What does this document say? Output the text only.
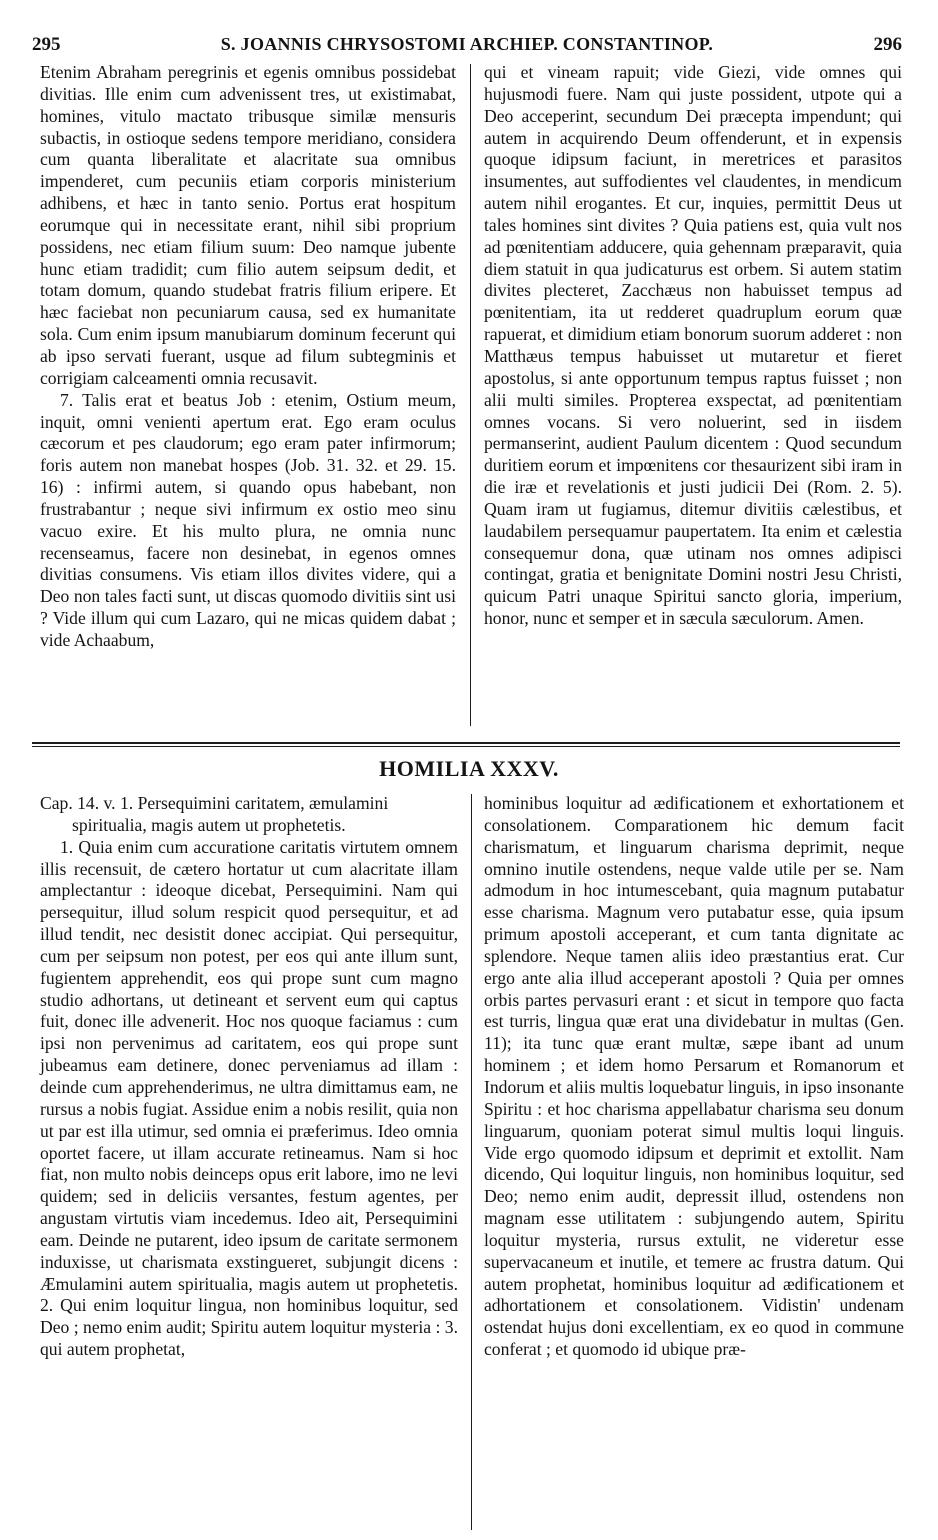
295	S. JOANNIS CHRYSOSTOMI ARCHIEP. CONSTANTINOP.	296

Etenim Abraham peregrinis et egenis omnibus possidebat divitias. Ille enim cum advenissent tres, ut existimabat, homines, vitulo mactato tribusque similæ mensuris subactis, in ostioque sedens tempore meridiano, considera cum quanta liberalitate et alacritate sua omnibus impenderet, cum pecuniis etiam corporis ministerium adhibens, et hæc in tanto senio. Portus erat hospitum eorumque qui in necessitate erant, nihil sibi proprium possidens, nec etiam filium suum: Deo namque jubente hunc etiam tradidit; cum filio autem seipsum dedit, et totam domum, quando studebat fratris filium eripere. Et hæc faciebat non pecuniarum causa, sed ex humanitate sola. Cum enim ipsum manubiarum dominum fecerunt qui ab ipso servati fuerant, usque ad filum subtegminis et corrigiam calceamenti omnia recusavit.

7. Talis erat et beatus Job : etenim, Ostium meum, inquit, omni venienti apertum erat. Ego eram oculus cæcorum et pes claudorum; ego eram pater infirmorum; foris autem non manebat hospes (Job. 31. 32. et 29. 15. 16) : infirmi autem, si quando opus habebant, non frustrabantur ; neque sivi infirmum ex ostio meo sinu vacuo exire. Et his multo plura, ne omnia nunc recenseamus, facere non desinebat, in egenos omnes divitias consumens. Vis etiam illos divites videre, qui a Deo non tales facti sunt, ut discas quomodo divitiis sint usi ? Vide illum qui cum Lazaro, qui ne micas quidem dabat ; vide Achaabum,

qui et vineam rapuit; vide Giezi, vide omnes qui hujusmodi fuere. Nam qui juste possident, utpote qui a Deo acceperint, secundum Dei præcepta impendunt; qui autem in acquirendo Deum offenderunt, et in expensis quoque idipsum faciunt, in meretrices et parasitos insumentes, aut suffodientes vel claudentes, in mendicum autem nihil erogantes. Et cur, inquies, permittit Deus ut tales homines sint divites ? Quia patiens est, quia vult nos ad pœnitentiam adducere, quia gehennam præparavit, quia diem statuit in qua judicaturus est orbem. Si autem statim divites plecteret, Zacchæus non habuisset tempus ad pœnitentiam, ita ut redderet quadruplum eorum quæ rapuerat, et dimidium etiam bonorum suorum adderet : non Matthæus tempus habuisset ut mutaretur et fieret apostolus, si ante opportunum tempus raptus fuisset ; non alii multi similes. Propterea exspectat, ad pœnitentiam omnes vocans. Si vero noluerint, sed in iisdem permanserint, audient Paulum dicentem : Quod secundum duritiem eorum et impœnitens cor thesaurizent sibi iram in die iræ et revelationis et justi judicii Dei (Rom. 2. 5). Quam iram ut fugiamus, ditemur divitiis cælestibus, et laudabilem persequamur paupertatem. Ita enim et cælestia consequemur dona, quæ utinam nos omnes adipisci contingat, gratia et benignitate Domini nostri Jesu Christi, quicum Patri unaque Spiritui sancto gloria, imperium, honor, nunc et semper et in sæcula sæculorum. Amen.

HOMILIA XXXV.

Cap. 14. v. 1. Persequimini caritatem, æmulamini spiritualia, magis autem ut prophetetis.

1. Quia enim cum accuratione caritatis virtutem omnem illis recensuit, de cætero hortatur ut cum alacritate illam amplectantur : ideoque dicebat, Persequimini. Nam qui persequitur, illud solum respicit quod persequitur, et ad illud tendit, nec desistit donec accipiat. Qui persequitur, cum per seipsum non potest, per eos qui ante illum sunt, fugientem apprehendit, eos qui prope sunt cum magno studio adhortans, ut detineant et servent eum qui captus fuit, donec ille advenerit. Hoc nos quoque faciamus : cum ipsi non pervenimus ad caritatem, eos qui prope sunt jubeamus eam detinere, donec perveniamus ad illam : deinde cum apprehenderimus, ne ultra dimittamus eam, ne rursus a nobis fugiat. Assidue enim a nobis resilit, quia non ut par est illa utimur, sed omnia ei præferimus. Ideo omnia oportet facere, ut illam accurate retineamus. Nam si hoc fiat, non multo nobis deinceps opus erit labore, imo ne levi quidem; sed in deliciis versantes, festum agentes, per angustam virtutis viam incedemus. Ideo ait, Persequimini eam. Deinde ne putarent, ideo ipsum de caritate sermonem induxisse, ut charismata exstingueret, subjungit dicens : Æmulamini autem spiritualia, magis autem ut prophetetis. 2. Qui enim loquitur lingua, non hominibus loquitur, sed Deo ; nemo enim audit; Spiritu autem loquitur mysteria : 3. qui autem prophetat,

hominibus loquitur ad ædificationem et exhortationem et consolationem. Comparationem hic demum facit charismatum, et linguarum charisma deprimit, neque omnino inutile ostendens, neque valde utile per se. Nam admodum in hoc intumescebant, quia magnum putabatur esse charisma. Magnum vero putabatur esse, quia ipsum primum apostoli acceperant, et cum tanta dignitate ac splendore. Neque tamen aliis ideo præstantius erat. Cur ergo ante alia illud acceperant apostoli ? Quia per omnes orbis partes pervasuri erant : et sicut in tempore quo facta est turris, lingua quæ erat una dividebatur in multas (Gen. 11); ita tunc quæ erant multæ, sæpe ibant ad unum hominem ; et idem homo Persarum et Romanorum et Indorum et aliis multis loquebatur linguis, in ipso insonante Spiritu : et hoc charisma appellabatur charisma seu donum linguarum, quoniam poterat simul multis loqui linguis. Vide ergo quomodo idipsum et deprimit et extollit. Nam dicendo, Qui loquitur linguis, non hominibus loquitur, sed Deo; nemo enim audit, depressit illud, ostendens non magnam esse utilitatem : subjungendo autem, Spiritu loquitur mysteria, rursus extulit, ne videretur esse supervacaneum et inutile, et temere ac frustra datum. Qui autem prophetat, hominibus loquitur ad ædificationem et adhortationem et consolationem. Vidistin' undenam ostendat hujus doni excellentiam, ex eo quod in commune conferat ; et quomodo id ubique præ-
